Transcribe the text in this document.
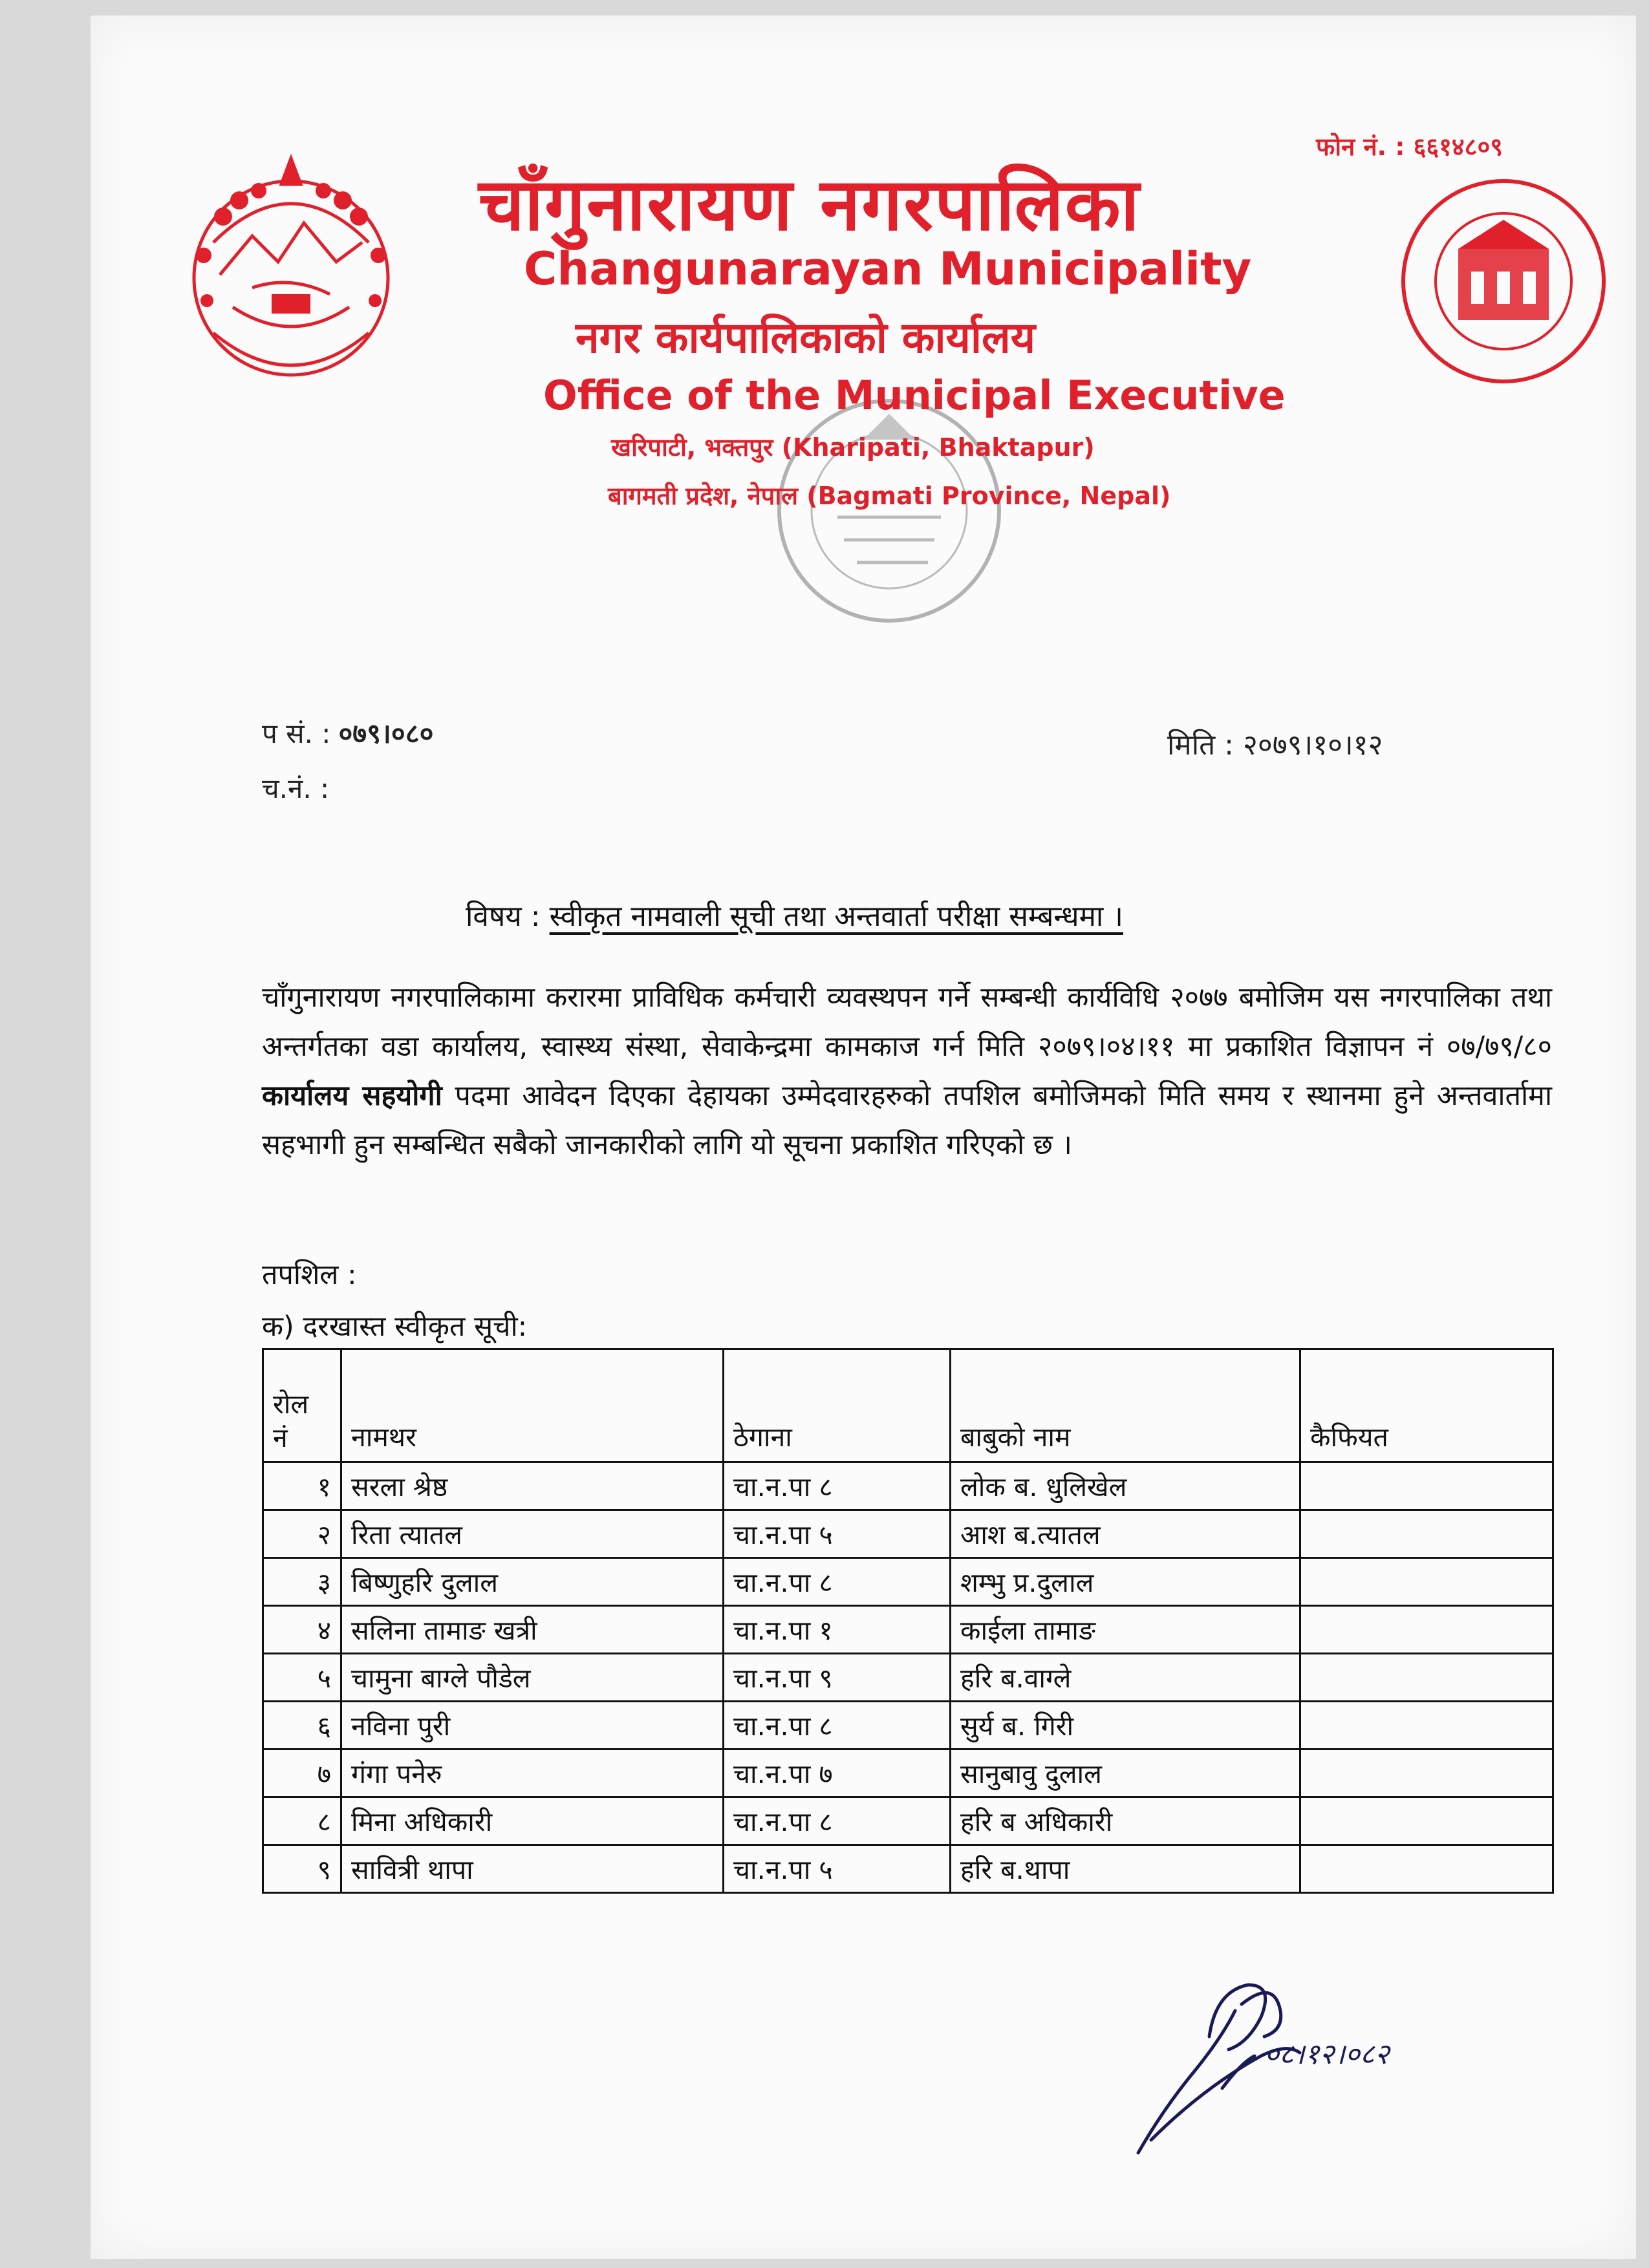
फोन नं. : ६६१४८०९
चाँगुनारायण नगरपालिका
Changunarayan Municipality
नगर कार्यपालिकाको कार्यालय
Office of the Municipal Executive
खरिपाटी, भक्तपुर (Kharipati, Bhaktapur)
बागमती प्रदेश, नेपाल (Bagmati Province, Nepal)
प सं. : ०७९।०८०
च.नं. :
मिति : २०७९।१०।१२
विषय : स्वीकृत नामवाली सूची तथा अन्तवार्ता परीक्षा सम्बन्धमा ।
चाँगुनारायण नगरपालिकामा करारमा प्राविधिक कर्मचारी व्यवस्थपन गर्ने सम्बन्धी कार्यविधि २०७७ बमोजिम यस नगरपालिका तथा अन्तर्गतका वडा कार्यालय, स्वास्थ्य संस्था, सेवाकेन्द्रमा कामकाज गर्न मिति २०७९।०४।११ मा प्रकाशित विज्ञापन नं ०७/७९/८० कार्यालय सहयोगी पदमा आवेदन दिएका देहायका उम्मेदवारहरुको तपशिल बमोजिमको मिति समय र स्थानमा हुने अन्तवार्तामा सहभागी हुन सम्बन्धित सबैको जानकारीको लागि यो सूचना प्रकाशित गरिएको छ ।
तपशिल :
क) दरखास्त स्वीकृत सूची:
रोल
नं	नामथर	ठेगाना	बाबुको नाम	कैफियत
१	सरला श्रेष्ठ	चा.न.पा ८	लोक ब. धुलिखेल	
२	रिता त्यातल	चा.न.पा ५	आश ब.त्यातल	
३	बिष्णुहरि दुलाल	चा.न.पा ८	शम्भु प्र.दुलाल	
४	सलिना तामाङ खत्री	चा.न.पा १	काईला तामाङ	
५	चामुना बाग्ले पौडेल	चा.न.पा ९	हरि ब.वाग्ले	
६	नविना पुरी	चा.न.पा ८	सुर्य ब. गिरी	
७	गंगा पनेरु	चा.न.पा ७	सानुबावु दुलाल	
८	मिना अधिकारी	चा.न.पा ८	हरि ब अधिकारी	
९	सावित्री थापा	चा.न.पा ५	हरि ब.थापा	
०८।१२।०८२
